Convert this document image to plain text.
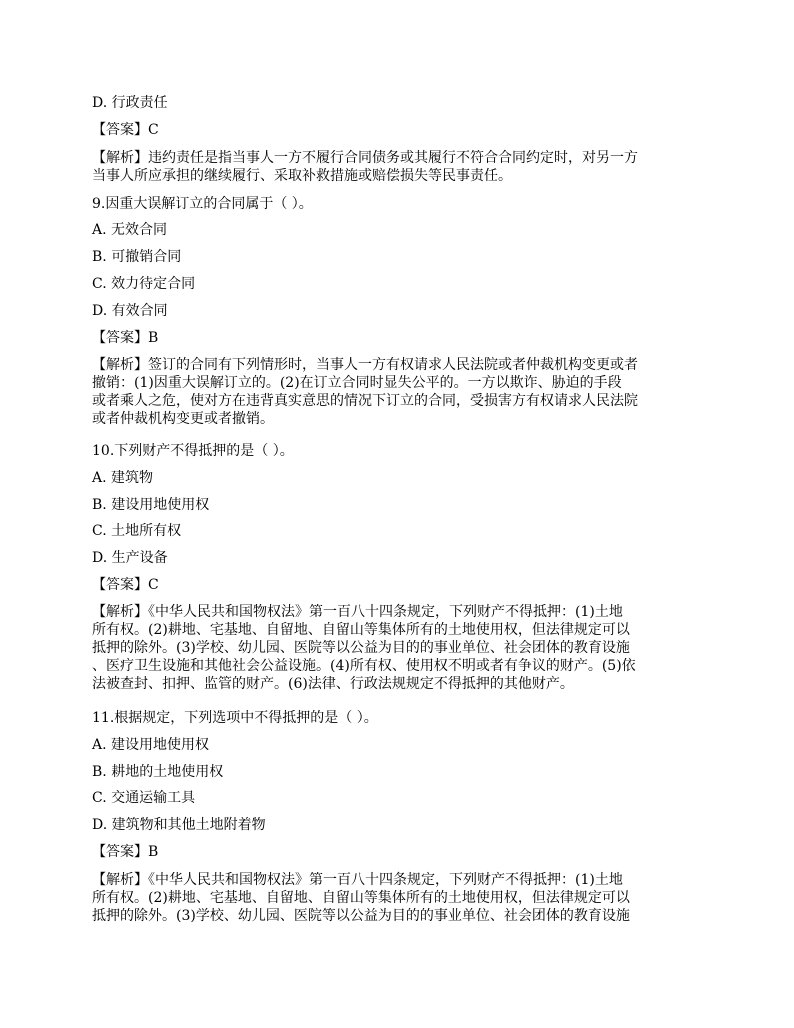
D. 行政责任
【答案】C
【解析】违约责任是指当事人一方不履行合同债务或其履行不符合合同约定时，对另一方
当事人所应承担的继续履行、采取补救措施或赔偿损失等民事责任。
9.因重大误解订立的合同属于（ ）。
A. 无效合同
B. 可撤销合同
C. 效力待定合同
D. 有效合同
【答案】B
【解析】签订的合同有下列情形时，当事人一方有权请求人民法院或者仲裁机构变更或者
撤销：(1)因重大误解订立的。(2)在订立合同时显失公平的。一方以欺诈、胁迫的手段
或者乘人之危，使对方在违背真实意思的情况下订立的合同，受损害方有权请求人民法院
或者仲裁机构变更或者撤销。
10.下列财产不得抵押的是（ ）。
A. 建筑物
B. 建设用地使用权
C. 土地所有权
D. 生产设备
【答案】C
【解析】《中华人民共和国物权法》第一百八十四条规定，下列财产不得抵押：(1)土地
所有权。(2)耕地、宅基地、自留地、自留山等集体所有的土地使用权，但法律规定可以
抵押的除外。(3)学校、幼儿园、医院等以公益为目的的事业单位、社会团体的教育设施
、医疗卫生设施和其他社会公益设施。(4)所有权、使用权不明或者有争议的财产。(5)依
法被查封、扣押、监管的财产。(6)法律、行政法规规定不得抵押的其他财产。
11.根据规定，下列选项中不得抵押的是（ ）。
A. 建设用地使用权
B. 耕地的土地使用权
C. 交通运输工具
D. 建筑物和其他土地附着物
【答案】B
【解析】《中华人民共和国物权法》第一百八十四条规定，下列财产不得抵押：(1)土地
所有权。(2)耕地、宅基地、自留地、自留山等集体所有的土地使用权，但法律规定可以
抵押的除外。(3)学校、幼儿园、医院等以公益为目的的事业单位、社会团体的教育设施
